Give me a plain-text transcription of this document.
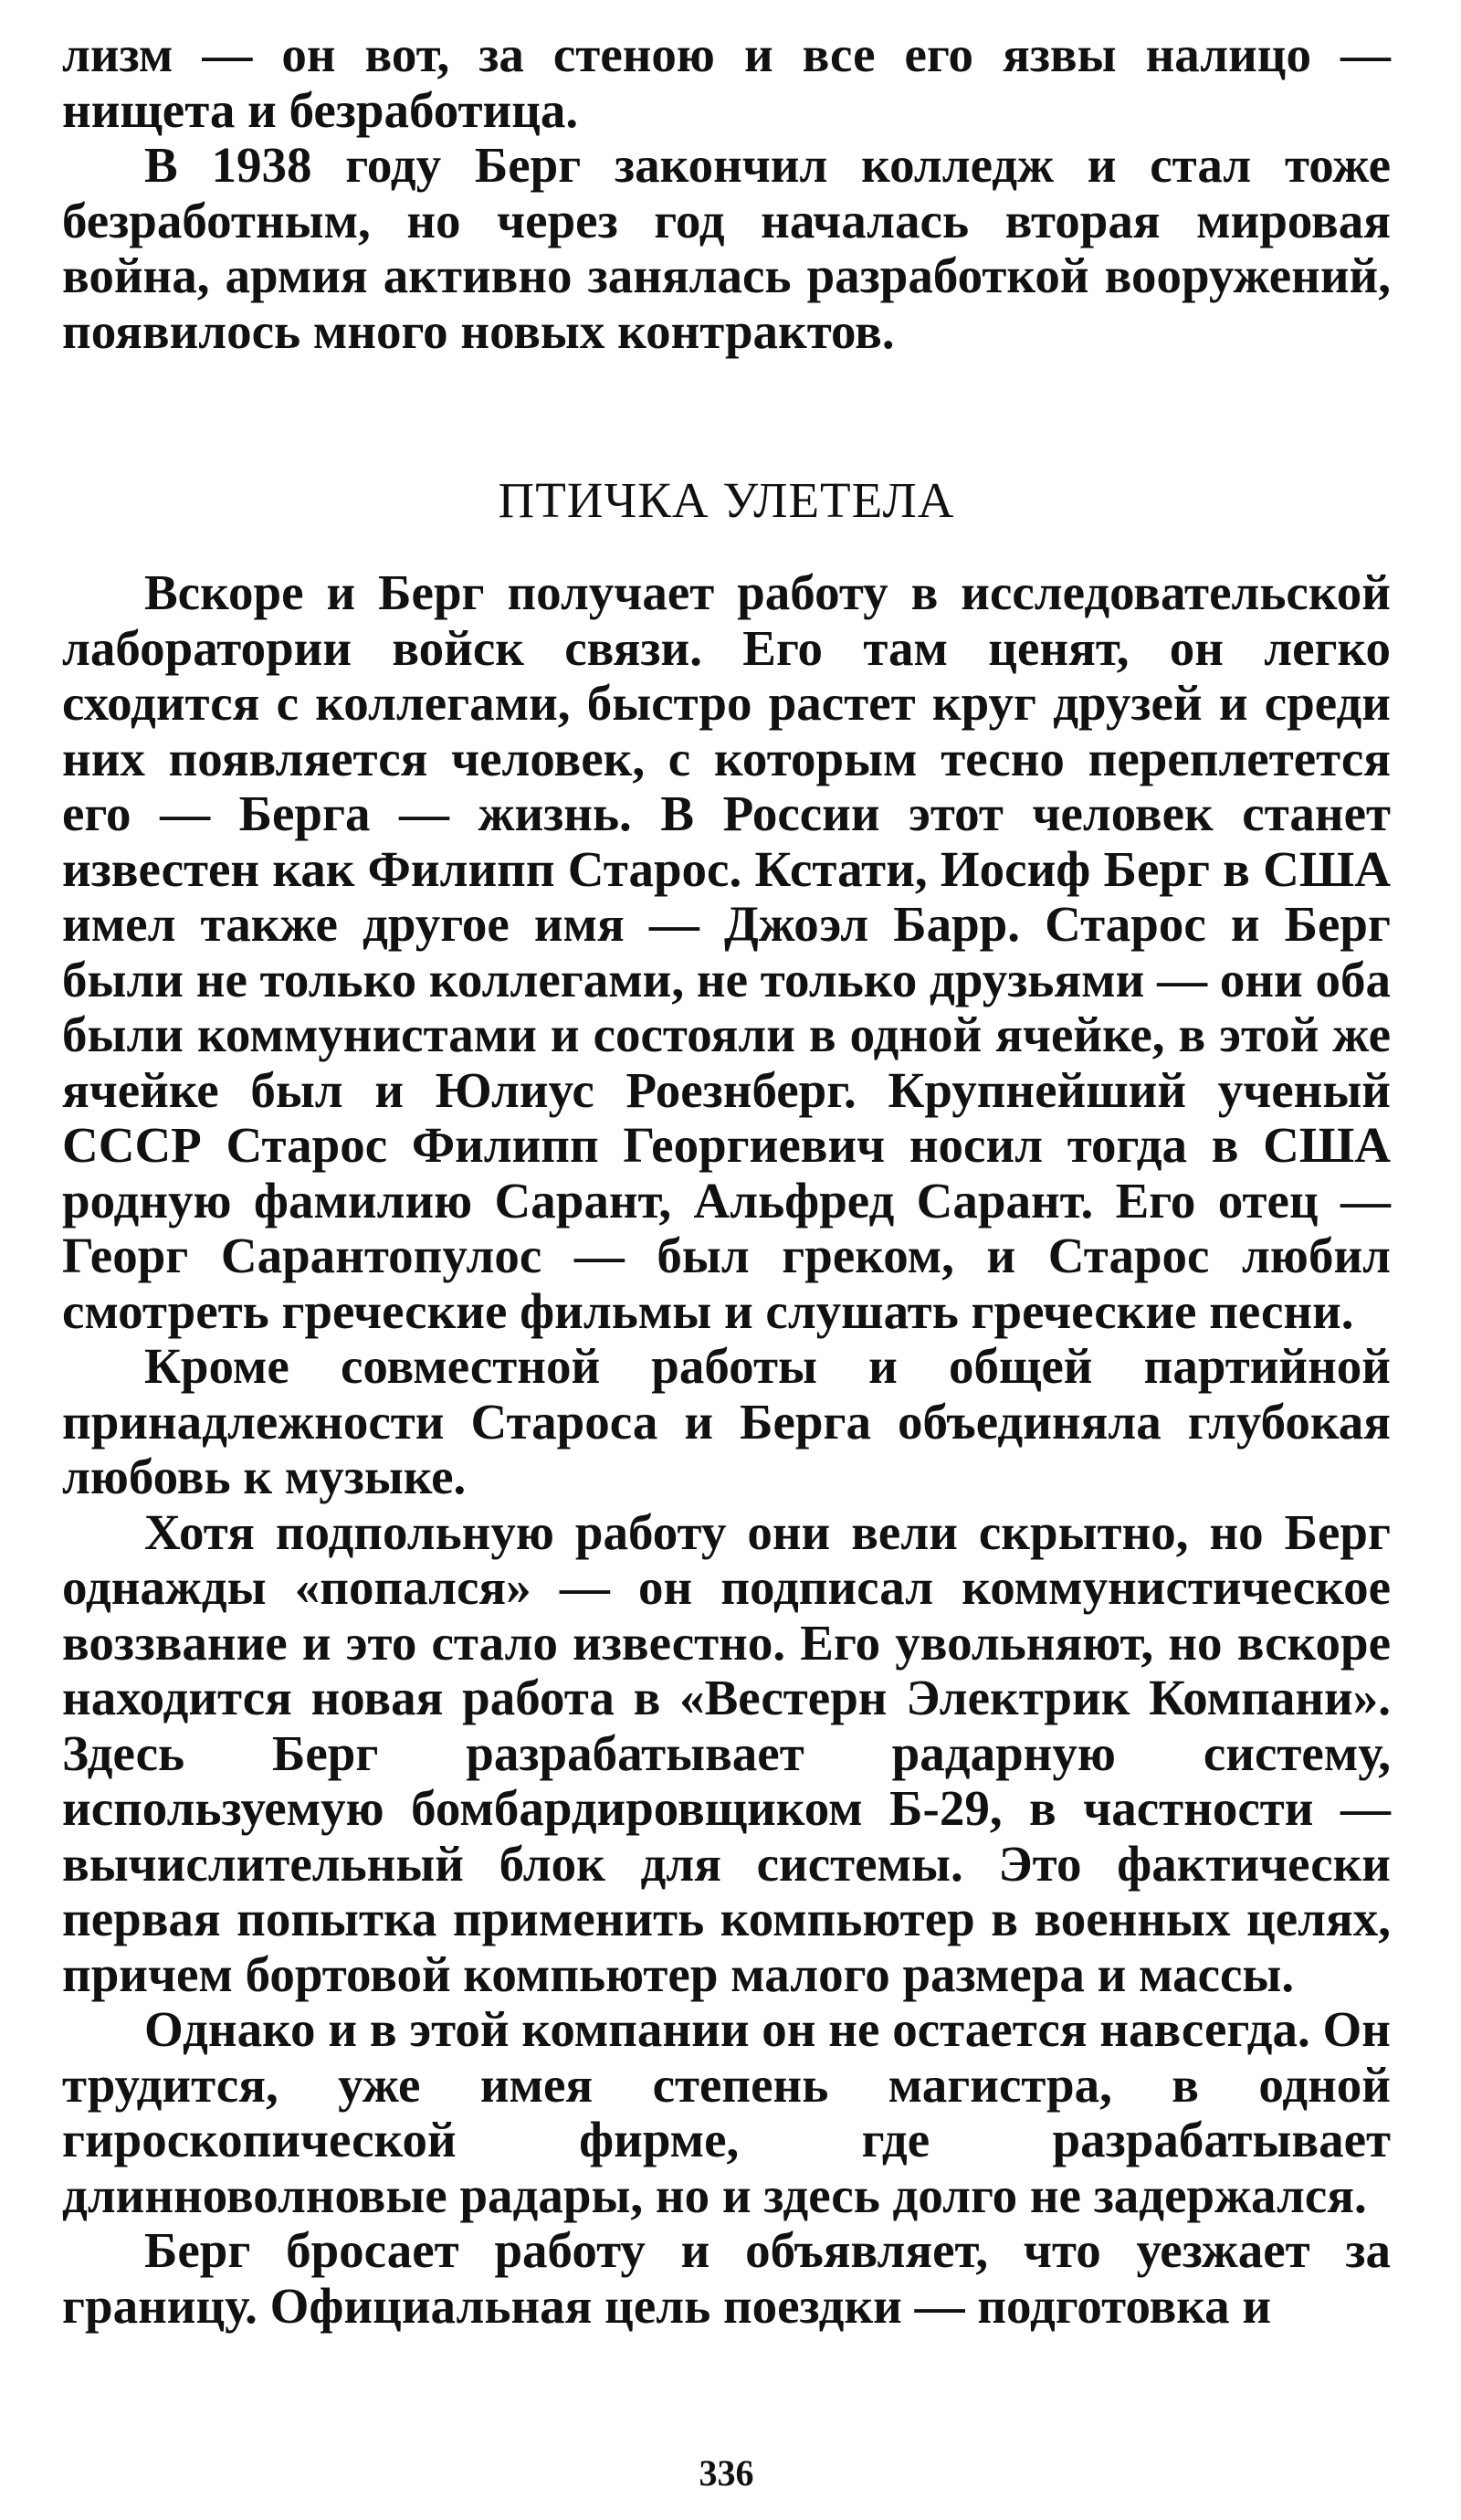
лизм — он вот, за стеною и все его язвы налицо — нищета и безработица.

В 1938 году Берг закончил колледж и стал тоже безработным, но через год началась вторая мировая война, армия активно занялась разработкой вооружений, появилось много новых контрактов.

ПТИЧКА УЛЕТЕЛА

Вскоре и Берг получает работу в исследовательской лаборатории войск связи. Его там ценят, он легко сходится с коллегами, быстро растет круг друзей и среди них появляется человек, с которым тесно переплетется его — Берга — жизнь. В России этот человек станет известен как Филипп Старос. Кстати, Иосиф Берг в США имел также другое имя — Джоэл Барр. Старос и Берг были не только коллегами, не только друзьями — они оба были коммунистами и состояли в одной ячейке, в этой же ячейке был и Юлиус Роезнберг. Крупнейший ученый СССР Старос Филипп Георгиевич носил тогда в США родную фамилию Сарант, Альфред Сарант. Его отец — Георг Сарантопулос — был греком, и Старос любил смотреть греческие фильмы и слушать греческие песни.

Кроме совместной работы и общей партийной принадлежности Староса и Берга объединяла глубокая любовь к музыке.

Хотя подпольную работу они вели скрытно, но Берг однажды «попался» — он подписал коммунистическое воззвание и это стало известно. Его увольняют, но вскоре находится новая работа в «Вестерн Электрик Компани». Здесь Берг разрабатывает радарную систему, используемую бомбардировщиком Б-29, в частности — вычислительный блок для системы. Это фактически первая попытка применить компьютер в военных целях, причем бортовой компьютер малого размера и массы.

Однако и в этой компании он не остается навсегда. Он трудится, уже имея степень магистра, в одной гироскопической фирме, где разрабатывает длинноволновые радары, но и здесь долго не задержался.

Берг бросает работу и объявляет, что уезжает за границу. Официальная цель поездки — подготовка и

336
